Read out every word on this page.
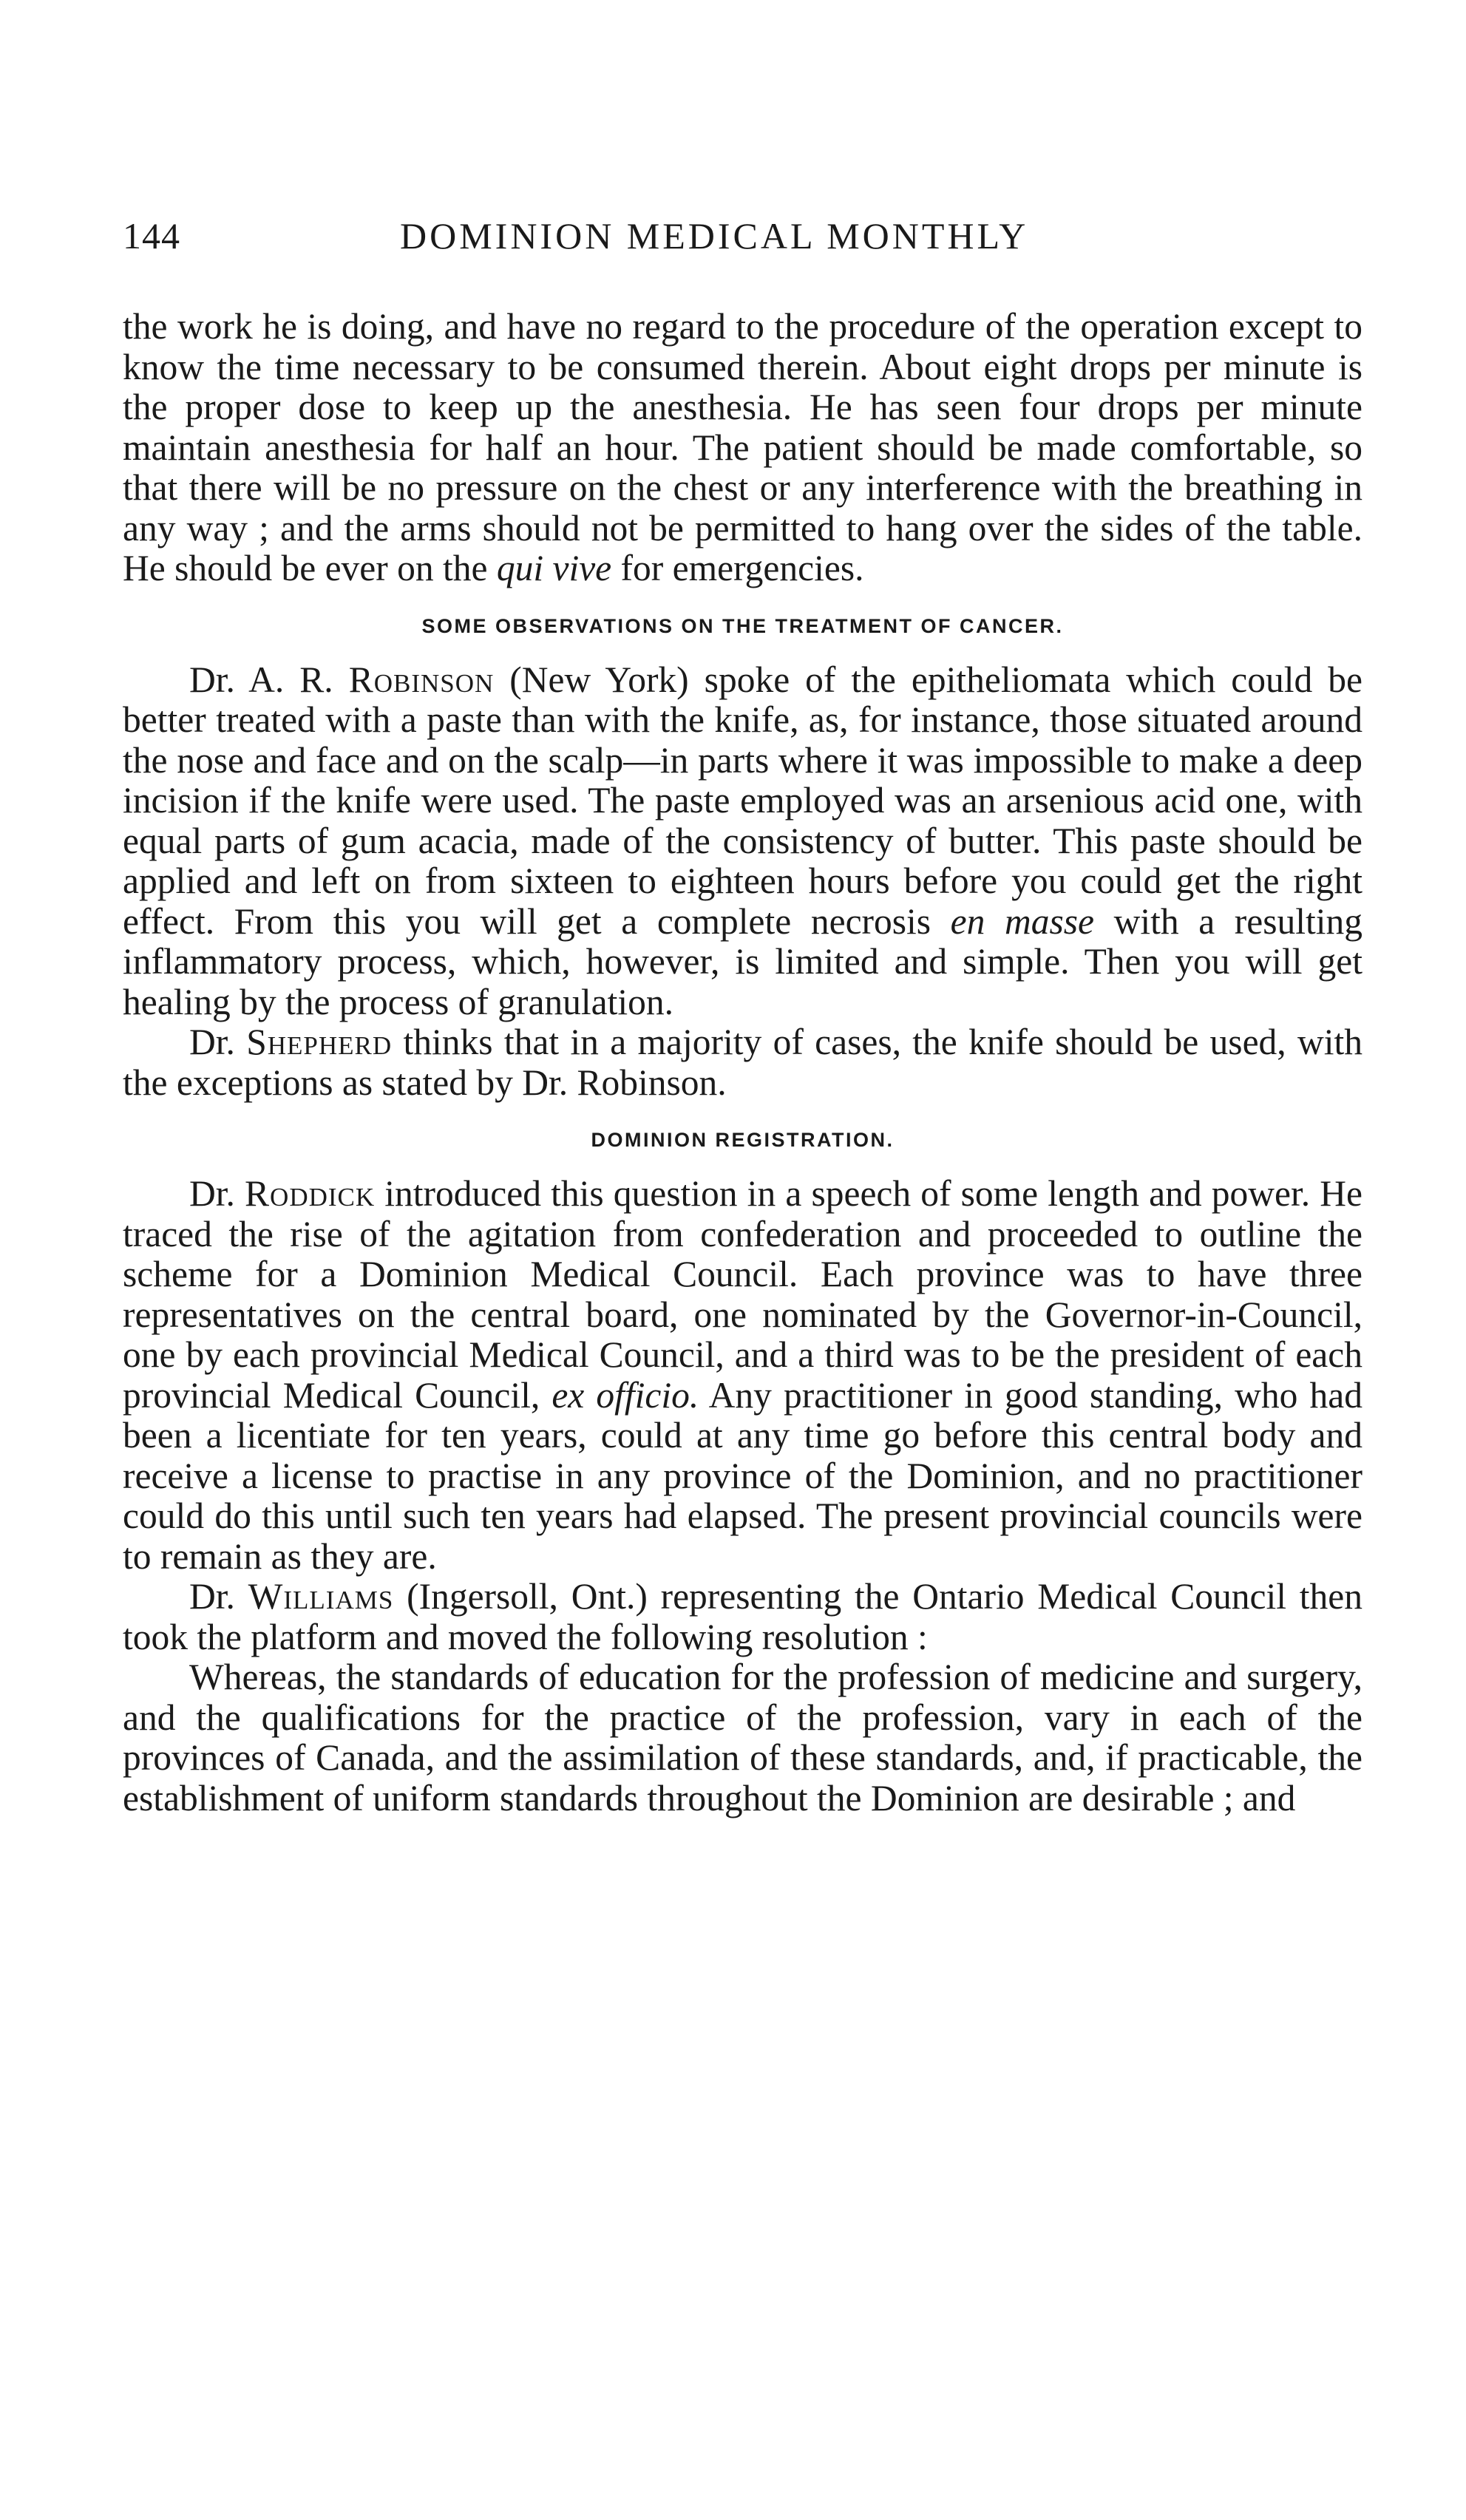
144	DOMINION MEDICAL MONTHLY

the work he is doing, and have no regard to the procedure of the operation except to know the time necessary to be consumed therein. About eight drops per minute is the proper dose to keep up the anesthesia. He has seen four drops per minute maintain anesthesia for half an hour. The patient should be made comfortable, so that there will be no pressure on the chest or any interference with the breathing in any way ; and the arms should not be permitted to hang over the sides of the table. He should be ever on the qui vive for emergencies.

SOME OBSERVATIONS ON THE TREATMENT OF CANCER.

Dr. A. R. Robinson (New York) spoke of the epitheliomata which could be better treated with a paste than with the knife, as, for instance, those situated around the nose and face and on the scalp—in parts where it was impossible to make a deep incision if the knife were used. The paste employed was an arsenious acid one, with equal parts of gum acacia, made of the consistency of butter. This paste should be applied and left on from sixteen to eighteen hours before you could get the right effect. From this you will get a complete necrosis en masse with a resulting inflammatory process, which, however, is limited and simple. Then you will get healing by the process of granulation.

Dr. Shepherd thinks that in a majority of cases, the knife should be used, with the exceptions as stated by Dr. Robinson.

DOMINION REGISTRATION.

Dr. Roddick introduced this question in a speech of some length and power. He traced the rise of the agitation from confederation and proceeded to outline the scheme for a Dominion Medical Council. Each province was to have three representatives on the central board, one nominated by the Governor-in-Council, one by each provincial Medical Council, and a third was to be the president of each provincial Medical Council, ex officio. Any practitioner in good standing, who had been a licentiate for ten years, could at any time go before this central body and receive a license to practise in any province of the Dominion, and no practitioner could do this until such ten years had elapsed. The present provincial councils were to remain as they are.

Dr. Williams (Ingersoll, Ont.) representing the Ontario Medical Council then took the platform and moved the following resolution :

Whereas, the standards of education for the profession of medicine and surgery, and the qualifications for the practice of the profession, vary in each of the provinces of Canada, and the assimilation of these standards, and, if practicable, the establishment of uniform standards throughout the Dominion are desirable ; and
